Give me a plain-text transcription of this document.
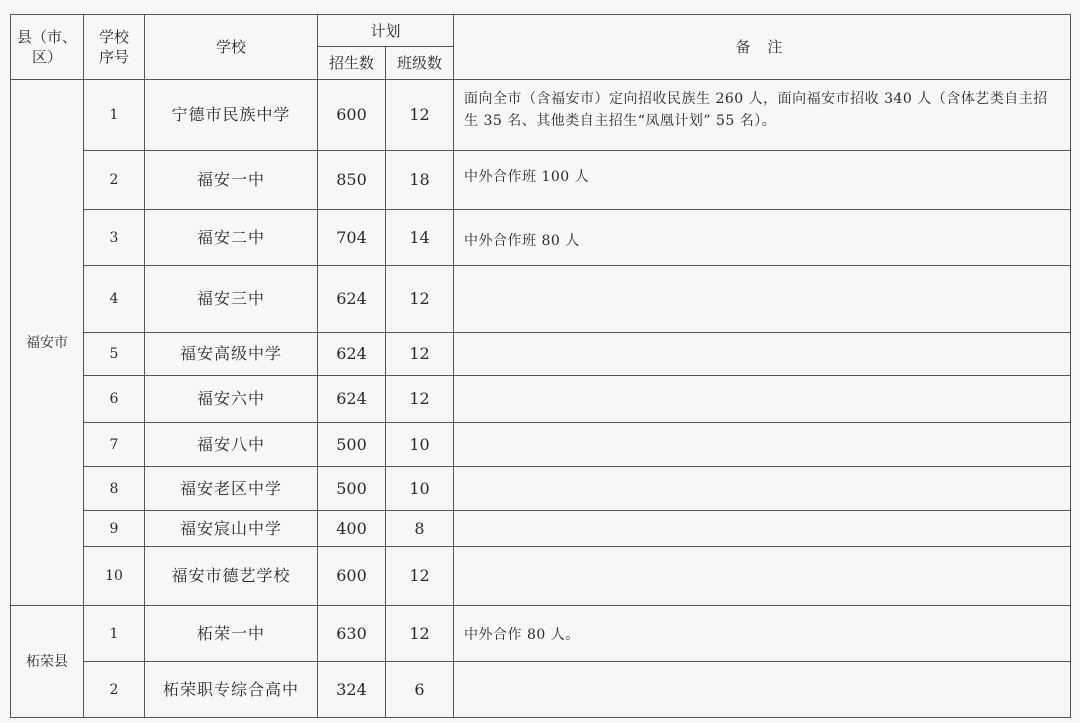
县（市、区）	学校序号	学校	计划		备 注
			招生数	班级数	
福安市	1	宁德市民族中学	600	12	面向全市（含福安市）定向招收民族生 260 人，面向福安市招收 340 人（含体艺类自主招生 35 名、其他类自主招生“凤凰计划” 55 名）。
	2	福安一中	850	18	中外合作班 100 人
	3	福安二中	704	14	中外合作班 80 人
	4	福安三中	624	12	
	5	福安高级中学	624	12	
	6	福安六中	624	12	
	7	福安八中	500	10	
	8	福安老区中学	500	10	
	9	福安宸山中学	400	8	
	10	福安市德艺学校	600	12	
柘荣县	1	柘荣一中	630	12	中外合作 80 人。
	2	柘荣职专综合高中	324	6	
